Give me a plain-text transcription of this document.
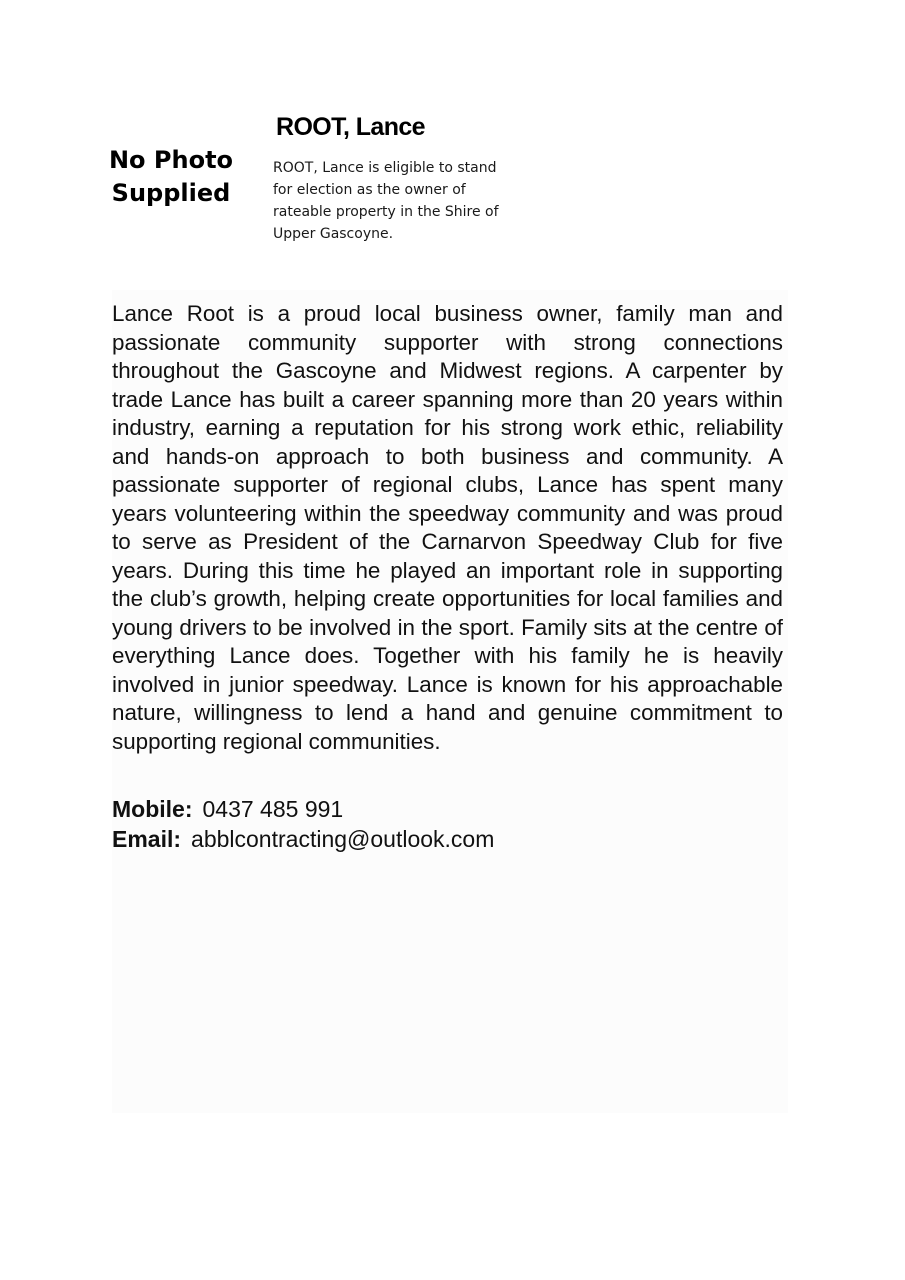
No Photo
Supplied
ROOT, Lance

ROOT, Lance is eligible to stand for election as the owner of rateable property in the Shire of Upper Gascoyne.

Lance Root is a proud local business owner, family man and passionate community supporter with strong connections throughout the Gascoyne and Midwest regions. A carpenter by trade Lance has built a career spanning more than 20 years within industry, earning a reputation for his strong work ethic, reliability and hands-on approach to both business and community. A passionate supporter of regional clubs, Lance has spent many years volunteering within the speedway community and was proud to serve as President of the Carnarvon Speedway Club for five years. During this time he played an important role in supporting the club’s growth, helping create opportunities for local families and young drivers to be involved in the sport. Family sits at the centre of everything Lance does. Together with his family he is heavily involved in junior speedway. Lance is known for his approachable nature, willingness to lend a hand and genuine commitment to supporting regional communities.

Mobile: 0437 485 991
Email: abblcontracting@outlook.com
